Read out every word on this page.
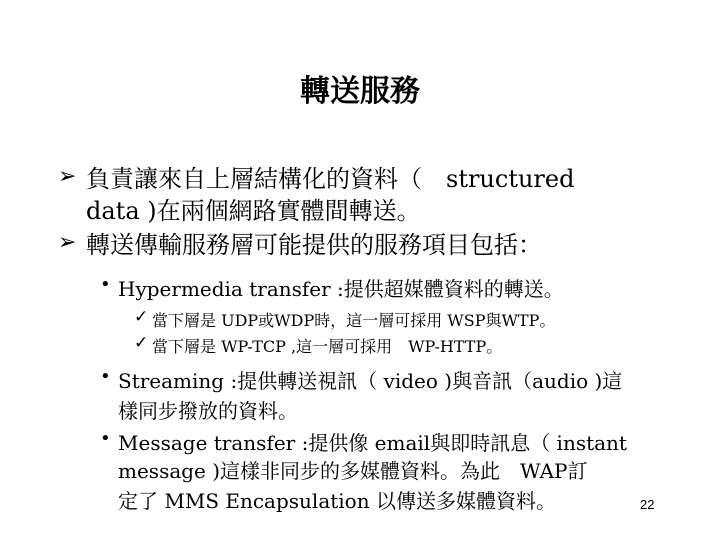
轉送服務
➢ 負責讓來自上層結構化的資料（　structured
data )在兩個網路實體間轉送。
➢ 轉送傳輸服務層可能提供的服務項目包括：
• Hypermedia transfer :提供超媒體資料的轉送。
✓ 當下層是 UDP或WDP時，這一層可採用 WSP與WTP。
✓ 當下層是 WP-TCP ,這一層可採用　WP-HTTP。
• Streaming :提供轉送視訊（ video )與音訊（audio )這
樣同步撥放的資料。
• Message transfer :提供像 email與即時訊息（ instant
message )這樣非同步的多媒體資料。為此　WAP訂
定了 MMS Encapsulation 以傳送多媒體資料。	22
